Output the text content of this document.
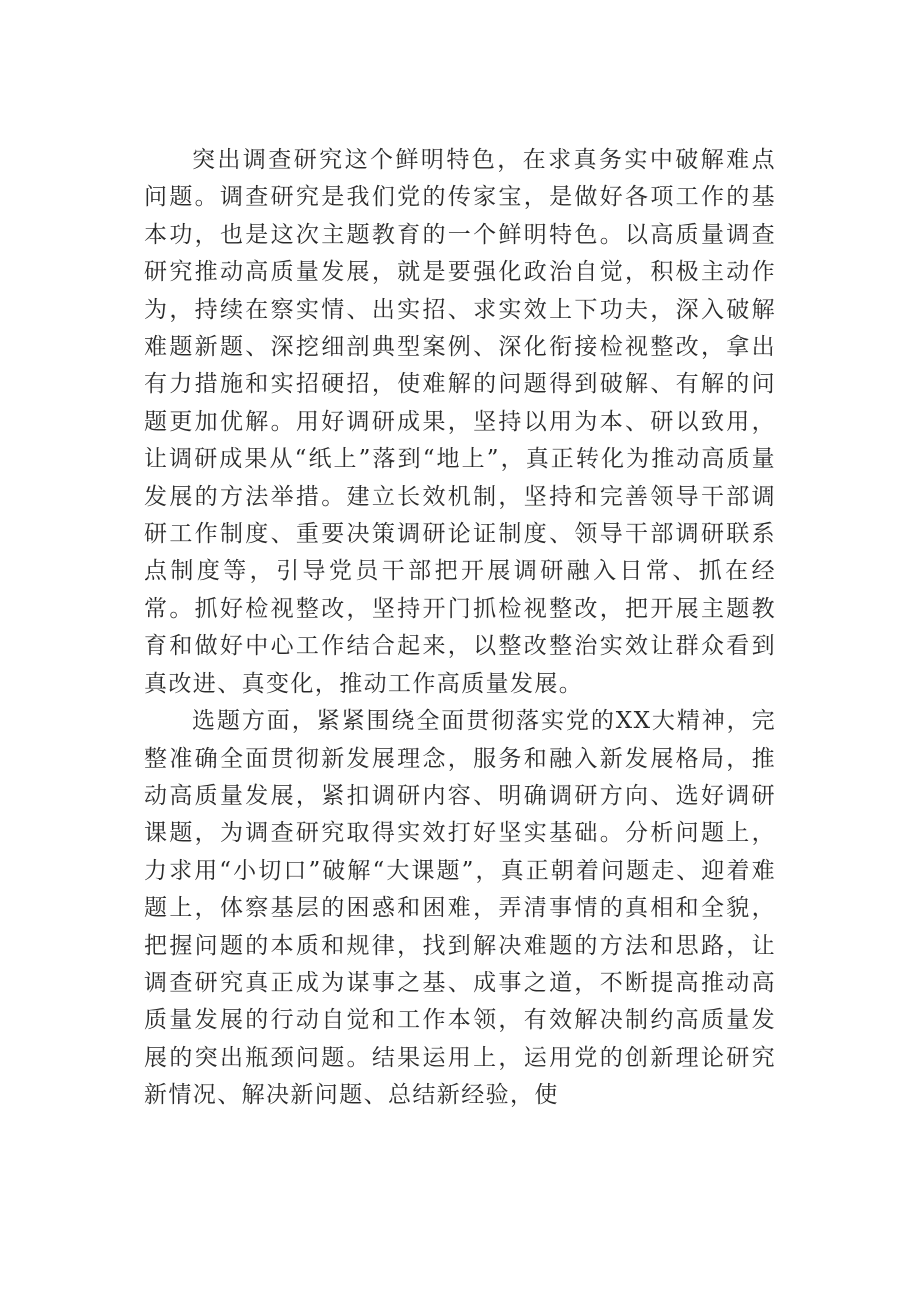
突出调查研究这个鲜明特色，在求真务实中破解难点问题。调查研究是我们党的传家宝，是做好各项工作的基本功，也是这次主题教育的一个鲜明特色。以高质量调查研究推动高质量发展，就是要强化政治自觉，积极主动作为，持续在察实情、出实招、求实效上下功夫，深入破解难题新题、深挖细剖典型案例、深化衔接检视整改，拿出有力措施和实招硬招，使难解的问题得到破解、有解的问题更加优解。用好调研成果，坚持以用为本、研以致用，让调研成果从“纸上”落到“地上”，真正转化为推动高质量发展的方法举措。建立长效机制，坚持和完善领导干部调研工作制度、重要决策调研论证制度、领导干部调研联系点制度等，引导党员干部把开展调研融入日常、抓在经常。抓好检视整改，坚持开门抓检视整改，把开展主题教育和做好中心工作结合起来，以整改整治实效让群众看到真改进、真变化，推动工作高质量发展。

选题方面，紧紧围绕全面贯彻落实党的XX大精神，完整准确全面贯彻新发展理念，服务和融入新发展格局，推动高质量发展，紧扣调研内容、明确调研方向、选好调研课题，为调查研究取得实效打好坚实基础。分析问题上，力求用“小切口”破解“大课题”，真正朝着问题走、迎着难题上，体察基层的困惑和困难，弄清事情的真相和全貌，把握问题的本质和规律，找到解决难题的方法和思路，让调查研究真正成为谋事之基、成事之道，不断提高推动高质量发展的行动自觉和工作本领，有效解决制约高质量发展的突出瓶颈问题。结果运用上，运用党的创新理论研究新情况、解决新问题、总结新经验，使
